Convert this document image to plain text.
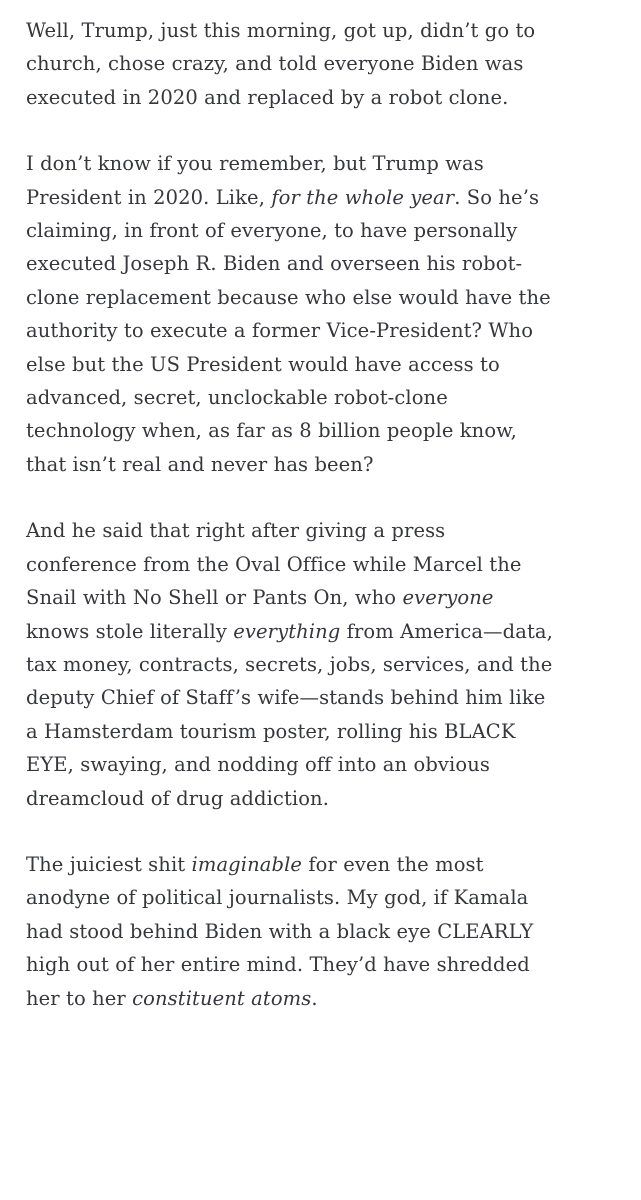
Well, Trump, just this morning, got up, didn’t go to
church, chose crazy, and told everyone Biden was
executed in 2020 and replaced by a robot clone.

I don’t know if you remember, but Trump was
President in 2020. Like, for the whole year. So he’s
claiming, in front of everyone, to have personally
executed Joseph R. Biden and overseen his robot-
clone replacement because who else would have the
authority to execute a former Vice-President? Who
else but the US President would have access to
advanced, secret, unclockable robot-clone
technology when, as far as 8 billion people know,
that isn’t real and never has been?

And he said that right after giving a press
conference from the Oval Office while Marcel the
Snail with No Shell or Pants On, who everyone
knows stole literally everything from America—data,
tax money, contracts, secrets, jobs, services, and the
deputy Chief of Staff’s wife—stands behind him like
a Hamsterdam tourism poster, rolling his BLACK
EYE, swaying, and nodding off into an obvious
dreamcloud of drug addiction.

The juiciest shit imaginable for even the most
anodyne of political journalists. My god, if Kamala
had stood behind Biden with a black eye CLEARLY
high out of her entire mind. They’d have shredded
her to her constituent atoms.
